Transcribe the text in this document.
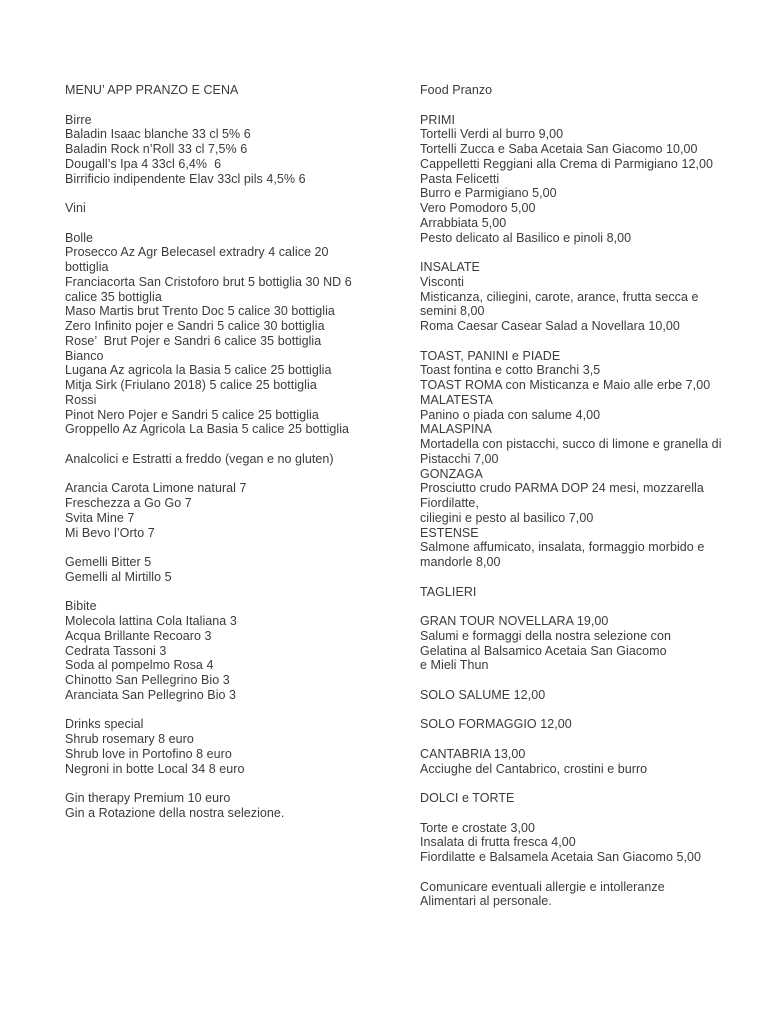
MENU’ APP PRANZO E CENA
Birre
Baladin Isaac blanche 33 cl 5% 6
Baladin Rock n’Roll 33 cl 7,5% 6
Dougall’s Ipa 4 33cl 6,4%  6
Birrificio indipendente Elav 33cl pils 4,5% 6
Vini
Bolle
Prosecco Az Agr Belecasel extradry 4 calice 20
bottiglia
Franciacorta San Cristoforo brut 5 bottiglia 30 ND 6
calice 35 bottiglia
Maso Martis brut Trento Doc 5 calice 30 bottiglia
Zero Infinito pojer e Sandri 5 calice 30 bottiglia
Rose’  Brut Pojer e Sandri 6 calice 35 bottiglia
Bianco
Lugana Az agricola la Basia 5 calice 25 bottiglia
Mitja Sirk (Friulano 2018) 5 calice 25 bottiglia
Rossi
Pinot Nero Pojer e Sandri 5 calice 25 bottiglia
Groppello Az Agricola La Basia 5 calice 25 bottiglia
Analcolici e Estratti a freddo (vegan e no gluten)
Arancia Carota Limone natural 7
Freschezza a Go Go 7
Svita Mine 7
Mi Bevo l’Orto 7
Gemelli Bitter 5
Gemelli al Mirtillo 5
Bibite
Molecola lattina Cola Italiana 3
Acqua Brillante Recoaro 3
Cedrata Tassoni 3
Soda al pompelmo Rosa 4
Chinotto San Pellegrino Bio 3
Aranciata San Pellegrino Bio 3
Drinks special
Shrub rosemary 8 euro
Shrub love in Portofino 8 euro
Negroni in botte Local 34 8 euro
Gin therapy Premium 10 euro
Gin a Rotazione della nostra selezione.
Food Pranzo
PRIMI
Tortelli Verdi al burro 9,00
Tortelli Zucca e Saba Acetaia San Giacomo 10,00
Cappelletti Reggiani alla Crema di Parmigiano 12,00
Pasta Felicetti
Burro e Parmigiano 5,00
Vero Pomodoro 5,00
Arrabbiata 5,00
Pesto delicato al Basilico e pinoli 8,00
INSALATE
Visconti
Misticanza, ciliegini, carote, arance, frutta secca e
semini 8,00
Roma Caesar Casear Salad a Novellara 10,00
TOAST, PANINI e PIADE
Toast fontina e cotto Branchi 3,5
TOAST ROMA con Misticanza e Maio alle erbe 7,00
MALATESTA
Panino o piada con salume 4,00
MALASPINA
Mortadella con pistacchi, succo di limone e granella di
Pistacchi 7,00
GONZAGA
Prosciutto crudo PARMA DOP 24 mesi, mozzarella
Fiordilatte,
ciliegini e pesto al basilico 7,00
ESTENSE
Salmone affumicato, insalata, formaggio morbido e
mandorle 8,00
TAGLIERI
GRAN TOUR NOVELLARA 19,00
Salumi e formaggi della nostra selezione con
Gelatina al Balsamico Acetaia San Giacomo
e Mieli Thun
SOLO SALUME 12,00
SOLO FORMAGGIO 12,00
CANTABRIA 13,00
Acciughe del Cantabrico, crostini e burro
DOLCI e TORTE
Torte e crostate 3,00
Insalata di frutta fresca 4,00
Fiordilatte e Balsamela Acetaia San Giacomo 5,00
Comunicare eventuali allergie e intolleranze
Alimentari al personale.
